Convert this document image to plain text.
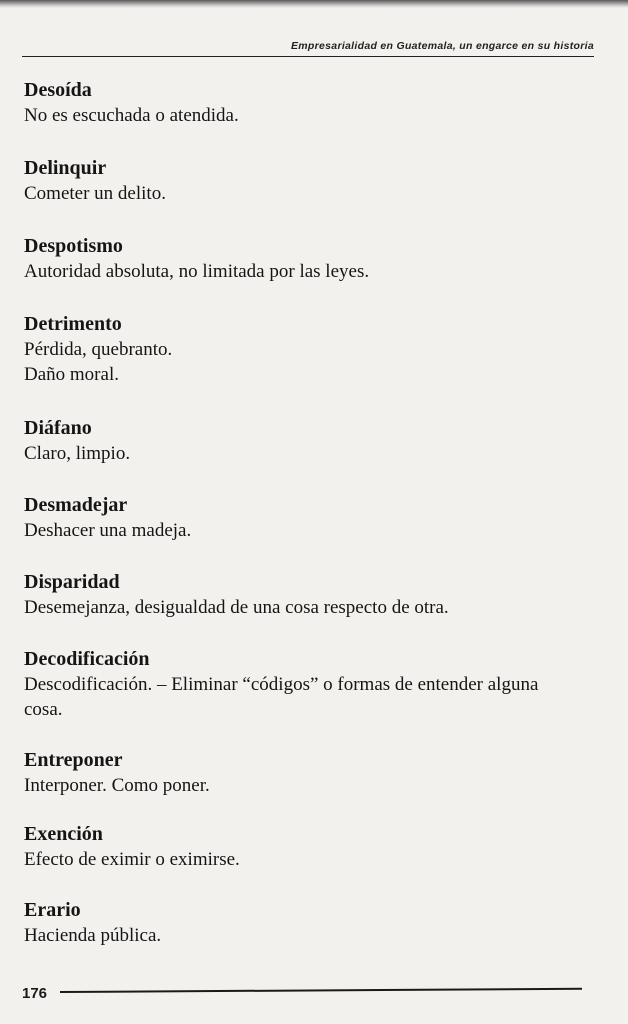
Empresarialidad en Guatemala, un engarce en su historia
Desoída
No es escuchada o atendida.
Delinquir
Cometer un delito.
Despotismo
Autoridad absoluta, no limitada por las leyes.
Detrimento
Pérdida, quebranto.
Daño moral.
Diáfano
Claro, limpio.
Desmadejar
Deshacer una madeja.
Disparidad
Desemejanza, desigualdad de una cosa respecto de otra.
Decodificación
Descodificación. – Eliminar “códigos” o formas de entender alguna
cosa.
Entreponer
Interponer. Como poner.
Exención
Efecto de eximir o eximirse.
Erario
Hacienda pública.
176
